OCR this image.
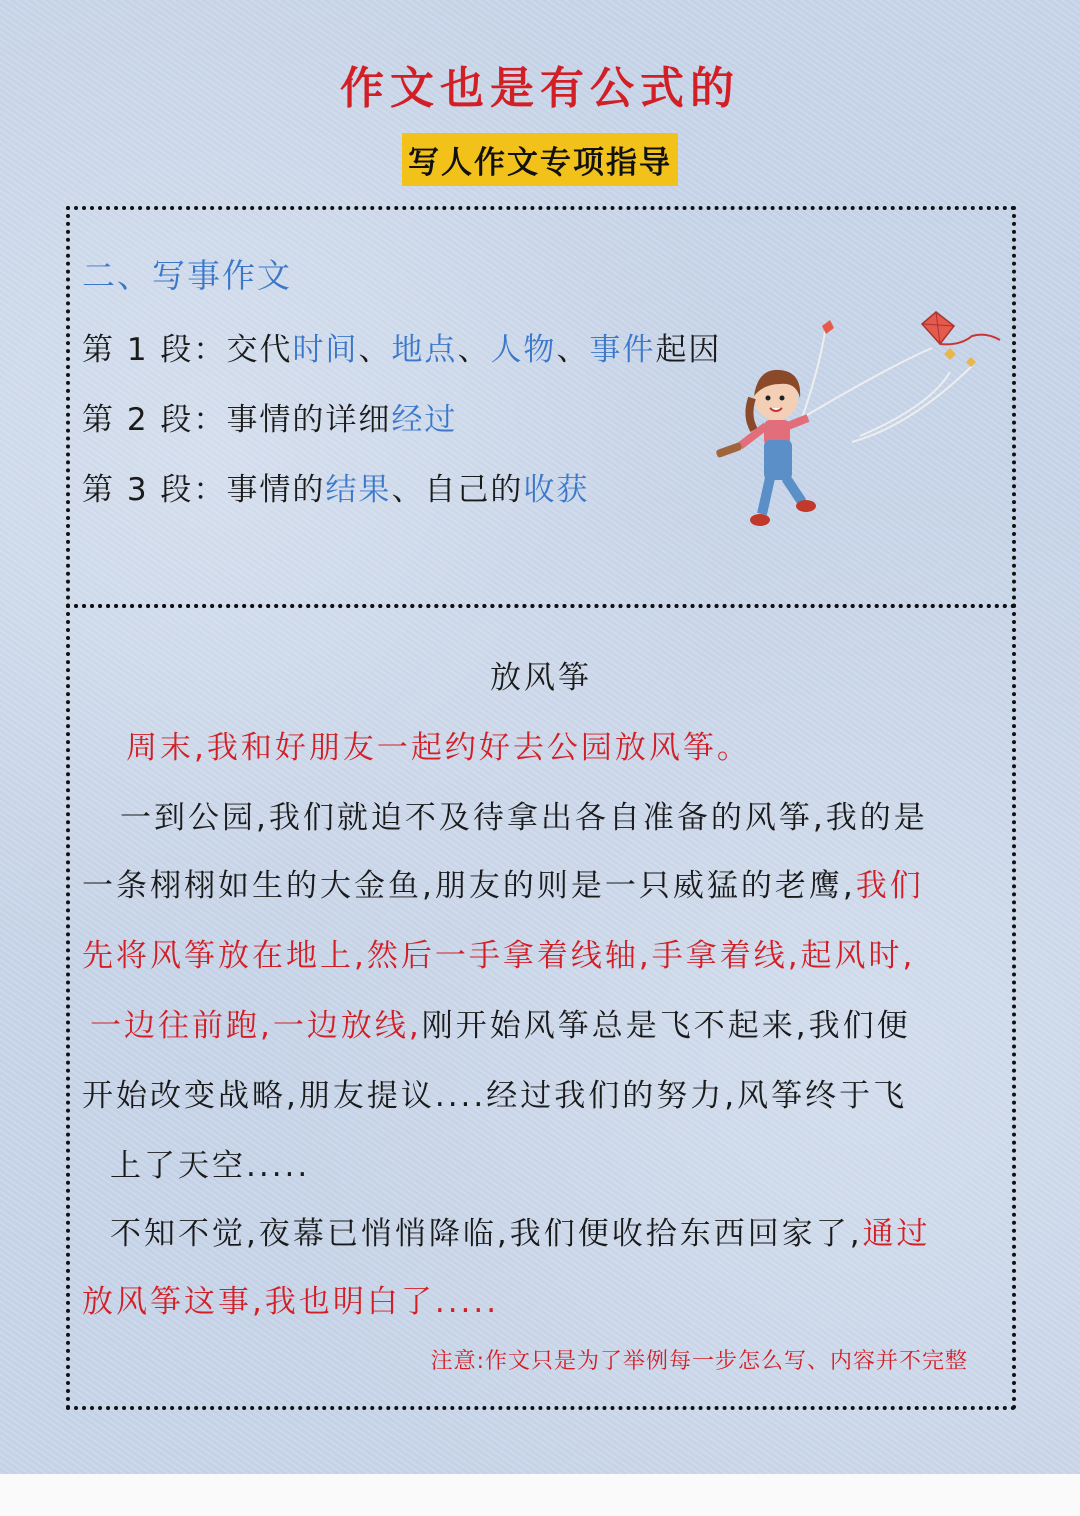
作文也是有公式的
写人作文专项指导
二、写事作文

第 1 段：交代时间、地点、人物、事件起因

第 2 段：事情的详细经过

第 3 段：事情的结果、自己的收获

放风筝

周末,我和好朋友一起约好去公园放风筝。

一到公园,我们就迫不及待拿出各自准备的风筝,我的是

一条栩栩如生的大金鱼,朋友的则是一只威猛的老鹰,我们

先将风筝放在地上,然后一手拿着线轴,手拿着线,起风时,

一边往前跑,一边放线,刚开始风筝总是飞不起来,我们便

开始改变战略,朋友提议....经过我们的努力,风筝终于飞

上了天空.....

不知不觉,夜幕已悄悄降临,我们便收拾东西回家了,通过

放风筝这事,我也明白了.....

注意:作文只是为了举例每一步怎么写、内容并不完整
